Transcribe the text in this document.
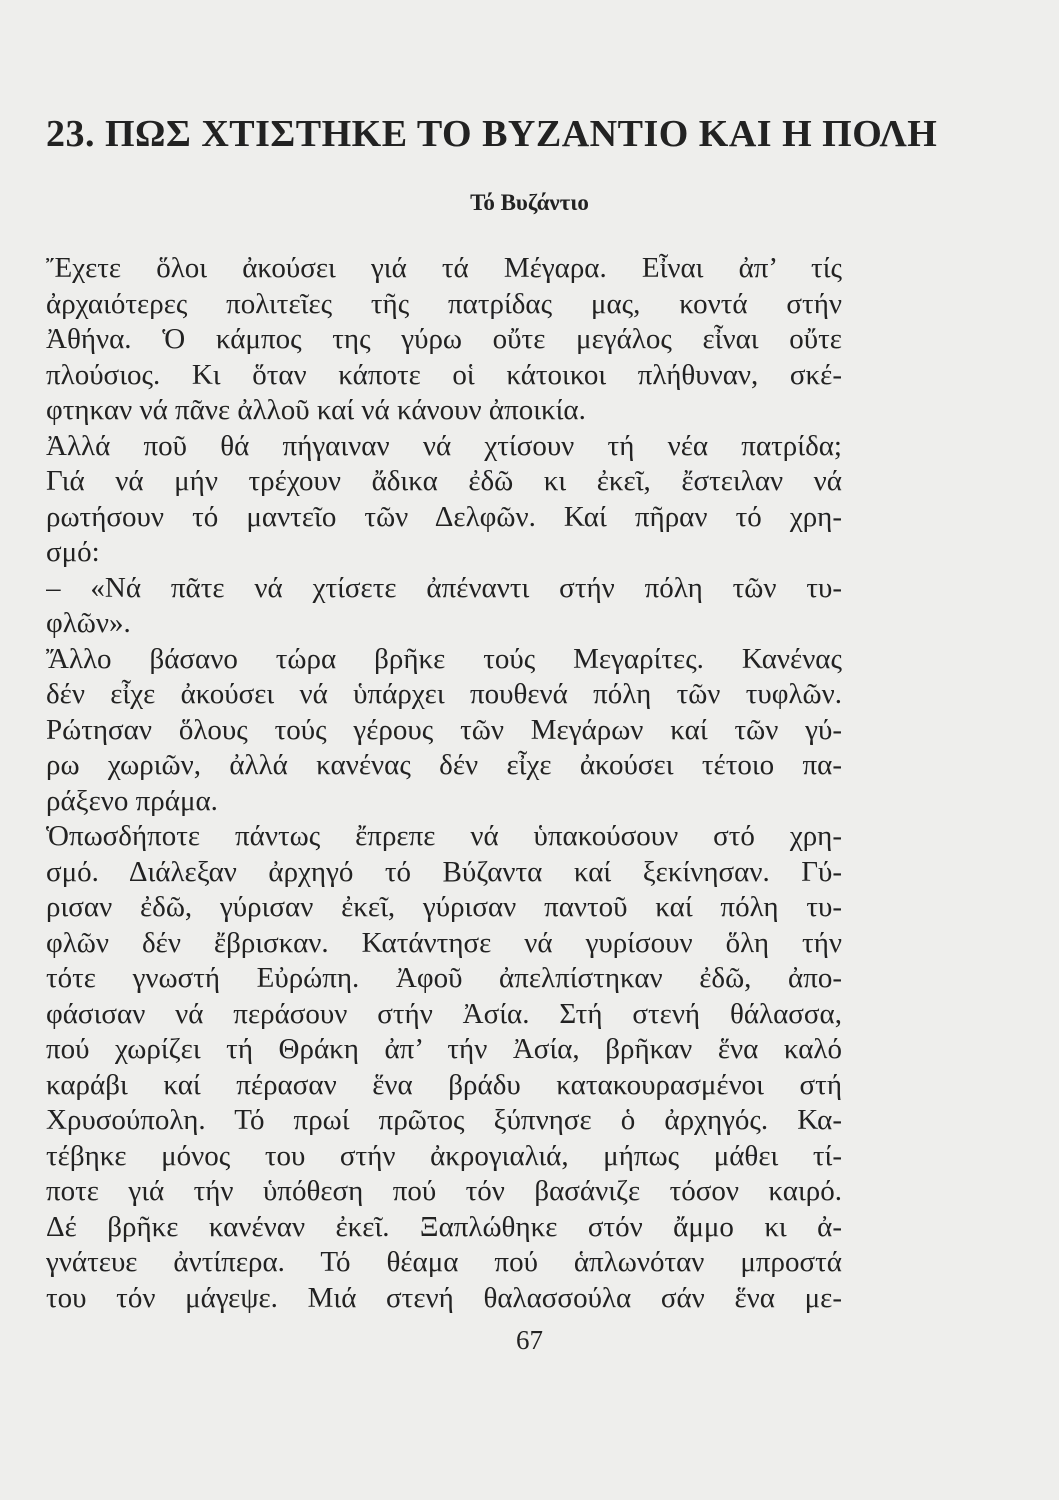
23. ΠΩΣ ΧΤΙΣΤΗΚΕ ΤΟ ΒΥΖΑΝΤΙΟ ΚΑΙ Η ΠΟΛΗ
Τό Βυζάντιο
Ἔχετε ὅλοι ἀκούσει γιά τά Μέγαρα. Εἶναι ἀπ’ τίς
ἀρχαιότερες πολιτεῖες τῆς πατρίδας μας, κοντά στήν
Ἀθήνα. Ὁ κάμπος της γύρω οὔτε μεγάλος εἶναι οὔτε
πλούσιος. Κι ὅταν κάποτε οἱ κάτοικοι πλήθυναν, σκέ-
φτηκαν νά πᾶνε ἀλλοῦ καί νά κάνουν ἀποικία.
Ἀλλά ποῦ θά πήγαιναν νά χτίσουν τή νέα πατρίδα;
Γιά νά μήν τρέχουν ἄδικα ἐδῶ κι ἐκεῖ, ἔστειλαν νά
ρωτήσουν τό μαντεῖο τῶν Δελφῶν. Καί πῆραν τό χρη-
σμό:
– «Νά πᾶτε νά χτίσετε ἀπέναντι στήν πόλη τῶν τυ-
φλῶν».
Ἄλλο βάσανο τώρα βρῆκε τούς Μεγαρίτες. Κανένας
δέν εἶχε ἀκούσει νά ὑπάρχει πουθενά πόλη τῶν τυφλῶν.
Ρώτησαν ὅλους τούς γέρους τῶν Μεγάρων καί τῶν γύ-
ρω χωριῶν, ἀλλά κανένας δέν εἶχε ἀκούσει τέτοιο πα-
ράξενο πράμα.
Ὁπωσδήποτε πάντως ἔπρεπε νά ὑπακούσουν στό χρη-
σμό. Διάλεξαν ἀρχηγό τό Βύζαντα καί ξεκίνησαν. Γύ-
ρισαν ἐδῶ, γύρισαν ἐκεῖ, γύρισαν παντοῦ καί πόλη τυ-
φλῶν δέν ἔβρισκαν. Κατάντησε νά γυρίσουν ὅλη τήν
τότε γνωστή Εὐρώπη. Ἀφοῦ ἀπελπίστηκαν ἐδῶ, ἀπο-
φάσισαν νά περάσουν στήν Ἀσία. Στή στενή θάλασσα,
πού χωρίζει τή Θράκη ἀπ’ τήν Ἀσία, βρῆκαν ἕνα καλό
καράβι καί πέρασαν ἕνα βράδυ κατακουρασμένοι στή
Χρυσούπολη. Τό πρωί πρῶτος ξύπνησε ὁ ἀρχηγός. Κα-
τέβηκε μόνος του στήν ἀκρογιαλιά, μήπως μάθει τί-
ποτε γιά τήν ὑπόθεση πού τόν βασάνιζε τόσον καιρό.
Δέ βρῆκε κανέναν ἐκεῖ. Ξαπλώθηκε στόν ἄμμο κι ἀ-
γνάτευε ἀντίπερα. Τό θέαμα πού ἁπλωνόταν μπροστά
του τόν μάγεψε. Μιά στενή θαλασσούλα σάν ἕνα με-
67
